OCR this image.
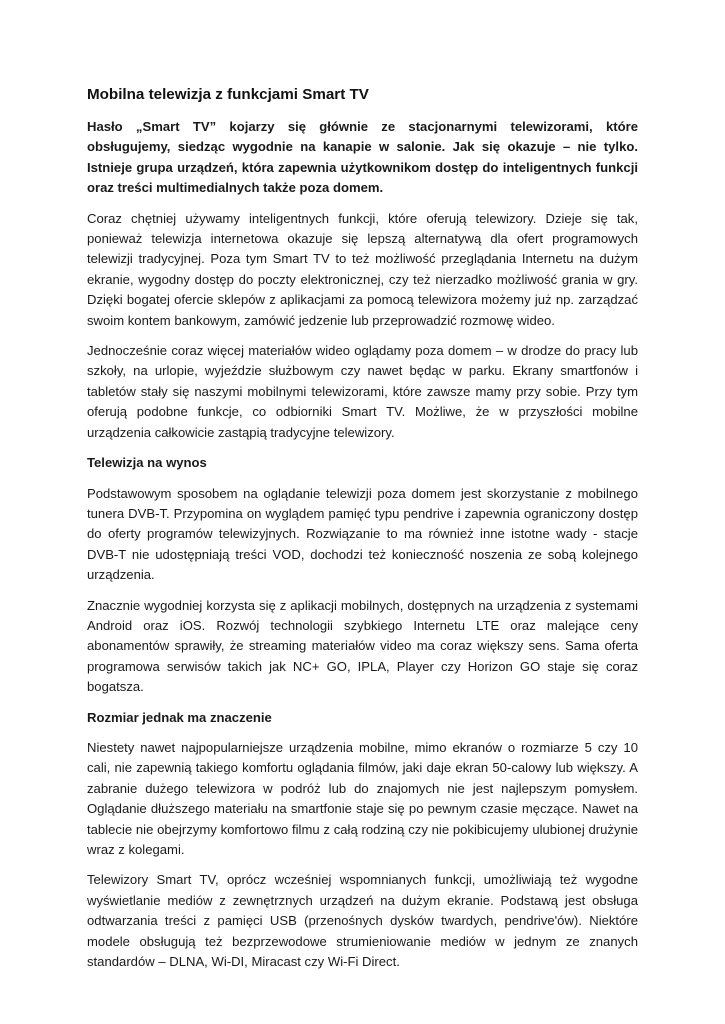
Mobilna telewizja z funkcjami Smart TV

Hasło „Smart TV” kojarzy się głównie ze stacjonarnymi telewizorami, które obsługujemy, siedząc wygodnie na kanapie w salonie. Jak się okazuje – nie tylko. Istnieje grupa urządzeń, która zapewnia użytkownikom dostęp do inteligentnych funkcji oraz treści multimedialnych także poza domem.

Coraz chętniej używamy inteligentnych funkcji, które oferują telewizory. Dzieje się tak, ponieważ telewizja internetowa okazuje się lepszą alternatywą dla ofert programowych telewizji tradycyjnej. Poza tym Smart TV to też możliwość przeglądania Internetu na dużym ekranie, wygodny dostęp do poczty elektronicznej, czy też nierzadko możliwość grania w gry. Dzięki bogatej ofercie sklepów z aplikacjami za pomocą telewizora możemy już np. zarządzać swoim kontem bankowym, zamówić jedzenie lub przeprowadzić rozmowę wideo.

Jednocześnie coraz więcej materiałów wideo oglądamy poza domem – w drodze do pracy lub szkoły, na urlopie, wyjeździe służbowym czy nawet będąc w parku. Ekrany smartfonów i tabletów stały się naszymi mobilnymi telewizorami, które zawsze mamy przy sobie. Przy tym oferują podobne funkcje, co odbiorniki Smart TV. Możliwe, że w przyszłości mobilne urządzenia całkowicie zastąpią tradycyjne telewizory.

Telewizja na wynos

Podstawowym sposobem na oglądanie telewizji poza domem jest skorzystanie z mobilnego tunera DVB-T. Przypomina on wyglądem pamięć typu pendrive i zapewnia ograniczony dostęp do oferty programów telewizyjnych. Rozwiązanie to ma również inne istotne wady - stacje DVB-T nie udostępniają treści VOD, dochodzi też konieczność noszenia ze sobą kolejnego urządzenia.

Znacznie wygodniej korzysta się z aplikacji mobilnych, dostępnych na urządzenia z systemami Android oraz iOS. Rozwój technologii szybkiego Internetu LTE oraz malejące ceny abonamentów sprawiły, że streaming materiałów video ma coraz większy sens. Sama oferta programowa serwisów takich jak NC+ GO, IPLA, Player czy Horizon GO staje się coraz bogatsza.

Rozmiar jednak ma znaczenie

Niestety nawet najpopularniejsze urządzenia mobilne, mimo ekranów o rozmiarze 5 czy 10 cali, nie zapewnią takiego komfortu oglądania filmów, jaki daje ekran 50-calowy lub większy. A zabranie dużego telewizora w podróż lub do znajomych nie jest najlepszym pomysłem. Oglądanie dłuższego materiału na smartfonie staje się po pewnym czasie męczące. Nawet na tablecie nie obejrzymy komfortowo filmu z całą rodziną czy nie pokibicujemy ulubionej drużynie wraz z kolegami.

Telewizory Smart TV, oprócz wcześniej wspomnianych funkcji, umożliwiają też wygodne wyświetlanie mediów z zewnętrznych urządzeń na dużym ekranie. Podstawą jest obsługa odtwarzania treści z pamięci USB (przenośnych dysków twardych, pendrive'ów). Niektóre modele obsługują też bezprzewodowe strumieniowanie mediów w jednym ze znanych standardów – DLNA, Wi-DI, Miracast czy Wi-Fi Direct.
